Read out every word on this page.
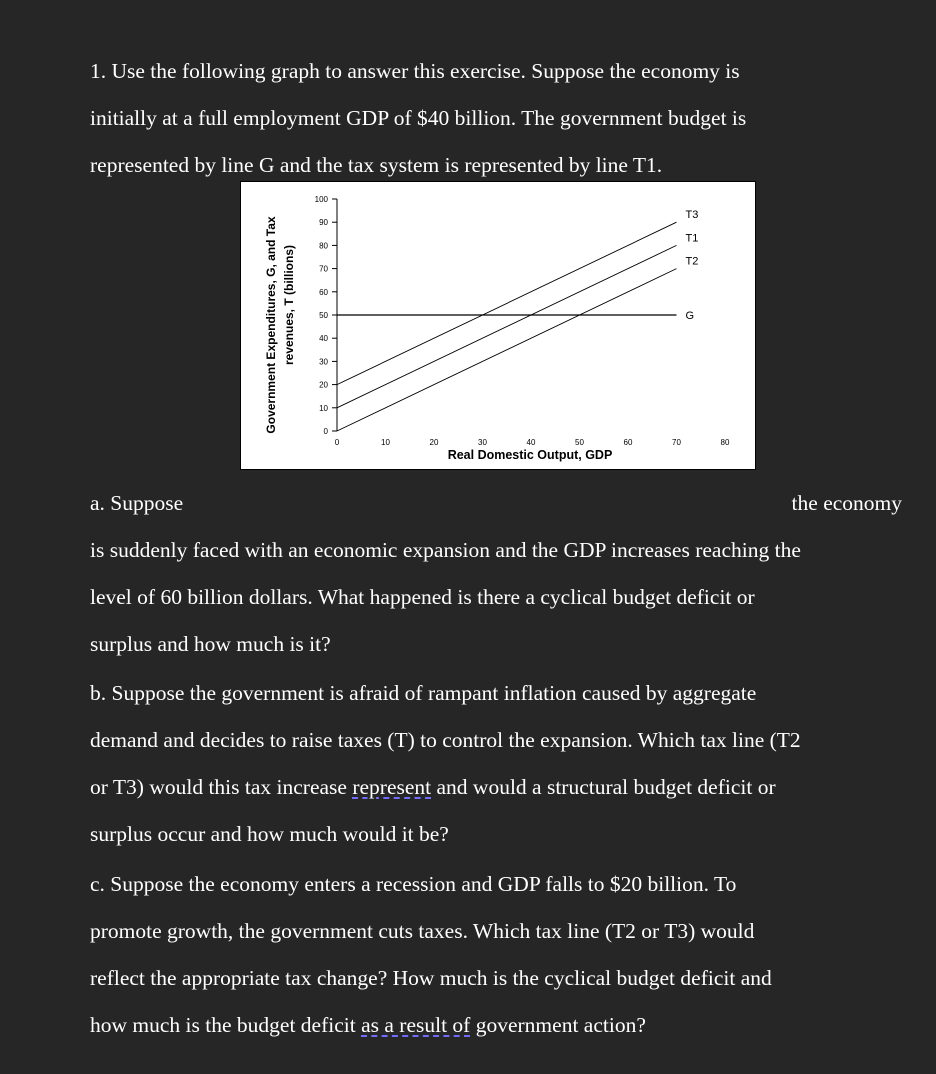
1. Use the following graph to answer this exercise. Suppose the economy is
initially at a full employment GDP of $40 billion. The government budget is
represented by line G and the tax system is represented by line T1.
0
10
20
30
40
50
60
70
80
90
100
0	10	20	30	40	50	60	70	80
Real Domestic Output, GDP
Government Expenditures, G, and Tax revenues, T (billions)
T3
T1
T2
G
a. Suppose	the economy
is suddenly faced with an economic expansion and the GDP increases reaching the
level of 60 billion dollars. What happened is there a cyclical budget deficit or
surplus and how much is it?
b. Suppose the government is afraid of rampant inflation caused by aggregate
demand and decides to raise taxes (T) to control the expansion. Which tax line (T2
or T3) would this tax increase represent and would a structural budget deficit or
surplus occur and how much would it be?
c. Suppose the economy enters a recession and GDP falls to $20 billion. To
promote growth, the government cuts taxes. Which tax line (T2 or T3) would
reflect the appropriate tax change? How much is the cyclical budget deficit and
how much is the budget deficit as a result of government action?
